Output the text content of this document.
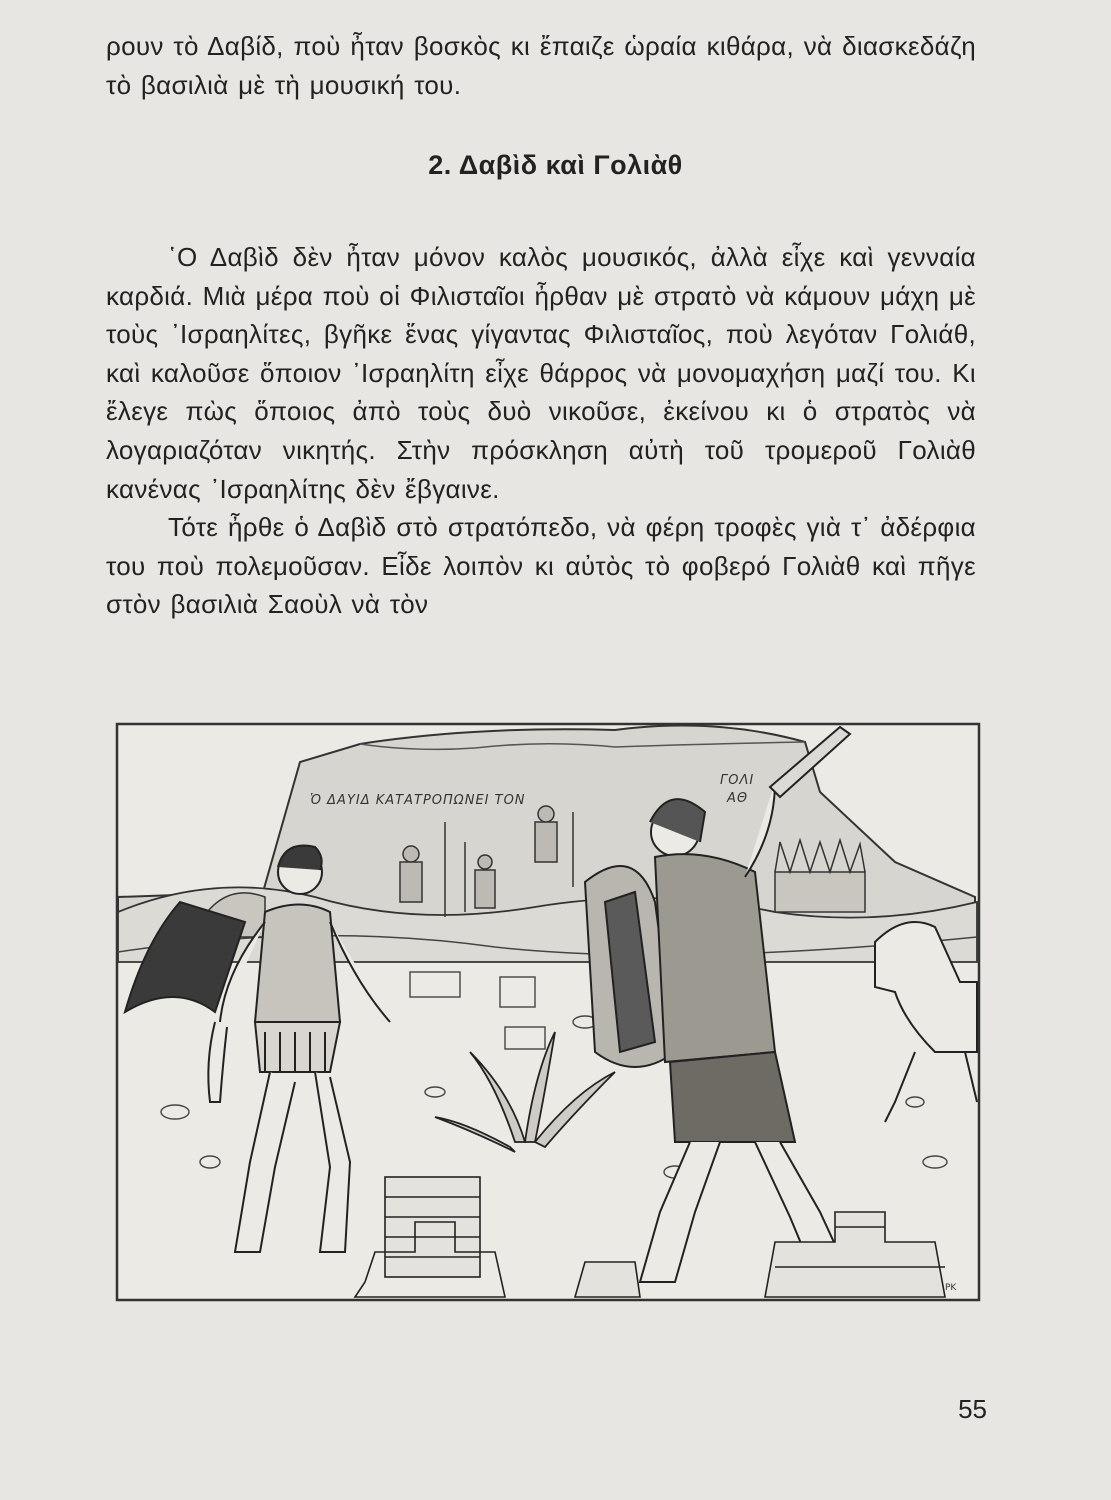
ρουν τὸ Δαβίδ, ποὺ ἦταν βοσκὸς κι ἔπαιζε ὡραία κιθάρα, νὰ διασκεδάζη τὸ βασιλιὰ μὲ τὴ μουσική του.

2. Δαβὶδ καὶ Γολιὰθ

῾Ο Δαβὶδ δὲν ἦταν μόνον καλὸς μουσικός, ἀλλὰ εἶχε καὶ γενναία καρδιά. Μιὰ μέρα ποὺ οἱ Φιλισταῖοι ἦρθαν μὲ στρατὸ νὰ κάμουν μάχη μὲ τοὺς ᾽Ισραηλίτες, βγῆκε ἕνας γίγαντας Φιλισταῖος, ποὺ λεγόταν Γολιάθ, καὶ καλοῦσε ὅποιον ᾽Ισραηλίτη εἶχε θάρρος νὰ μονομαχήση μαζί του. Κι ἔλεγε πὼς ὅποιος ἀπὸ τοὺς δυὸ νικοῦσε, ἐκείνου κι ὁ στρατὸς νὰ λογαριαζόταν νικητής. Στὴν πρόσκληση αὐτὴ τοῦ τρομεροῦ Γολιὰθ κανένας ᾽Ισραηλίτης δὲν ἔβγαινε.

Τότε ἦρθε ὁ Δαβὶδ στὸ στρατόπεδο, νὰ φέρη τροφὲς γιὰ τ᾽ ἀδέρφια του ποὺ πολεμοῦσαν. Εἶδε λοιπὸν κι αὐτὸς τὸ φοβερό Γολιὰθ καὶ πῆγε στὸν βασιλιὰ Σαοὺλ νὰ τὸν

Ὁ ΔΑΥΙΔ ΚΑΤΑΤΡΟΠΩΝΕΙ ΤΟΝ
ΓΟΛΙ
ΑΘ
ΡΚ
55
